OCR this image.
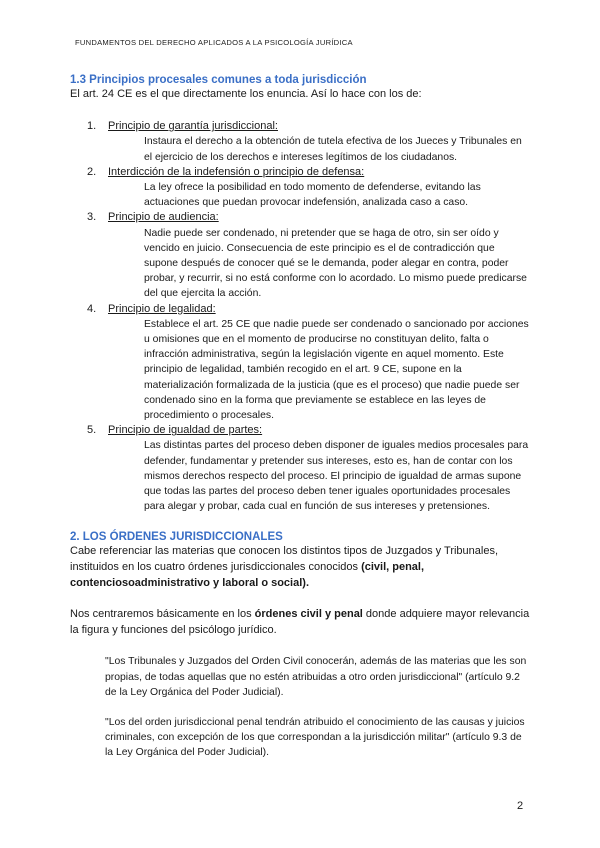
FUNDAMENTOS DEL DERECHO APLICADOS A LA PSICOLOGÍA JURÍDICA
1.3 Principios procesales comunes a toda jurisdicción

El art. 24 CE es el que directamente los enuncia. Así lo hace con los de:

1. Principio de garantía jurisdiccional:

Instaura el derecho a la obtención de tutela efectiva de los Jueces y Tribunales en el ejercicio de los derechos e intereses legítimos de los ciudadanos.

2. Interdicción de la indefensión o principio de defensa:

La ley ofrece la posibilidad en todo momento de defenderse, evitando las actuaciones que puedan provocar indefensión, analizada caso a caso.

3. Principio de audiencia:

Nadie puede ser condenado, ni pretender que se haga de otro, sin ser oído y vencido en juicio. Consecuencia de este principio es el de contradicción que supone después de conocer qué se le demanda, poder alegar en contra, poder probar, y recurrir, si no está conforme con lo acordado. Lo mismo puede predicarse del que ejercita la acción.

4. Principio de legalidad:

Establece el art. 25 CE que nadie puede ser condenado o sancionado por acciones u omisiones que en el momento de producirse no constituyan delito, falta o infracción administrativa, según la legislación vigente en aquel momento. Este principio de legalidad, también recogido en el art. 9 CE, supone en la materialización formalizada de la justicia (que es el proceso) que nadie puede ser condenado sino en la forma que previamente se establece en las leyes de procedimiento o procesales.

5. Principio de igualdad de partes:

Las distintas partes del proceso deben disponer de iguales medios procesales para defender, fundamentar y pretender sus intereses, esto es, han de contar con los mismos derechos respecto del proceso. El principio de igualdad de armas supone que todas las partes del proceso deben tener iguales oportunidades procesales para alegar y probar, cada cual en función de sus intereses y pretensiones.

2. LOS ÓRDENES JURISDICCIONALES

Cabe referenciar las materias que conocen los distintos tipos de Juzgados y Tribunales, instituidos en los cuatro órdenes jurisdiccionales conocidos (civil, penal, contenciosoadministrativo y laboral o social).

Nos centraremos básicamente en los órdenes civil y penal donde adquiere mayor relevancia la figura y funciones del psicólogo jurídico.

"Los Tribunales y Juzgados del Orden Civil conocerán, además de las materias que les son propias, de todas aquellas que no estén atribuidas a otro orden jurisdiccional" (artículo 9.2 de la Ley Orgánica del Poder Judicial).

"Los del orden jurisdiccional penal tendrán atribuido el conocimiento de las causas y juicios criminales, con excepción de los que correspondan a la jurisdicción militar" (artículo 9.3 de la Ley Orgánica del Poder Judicial).

2
